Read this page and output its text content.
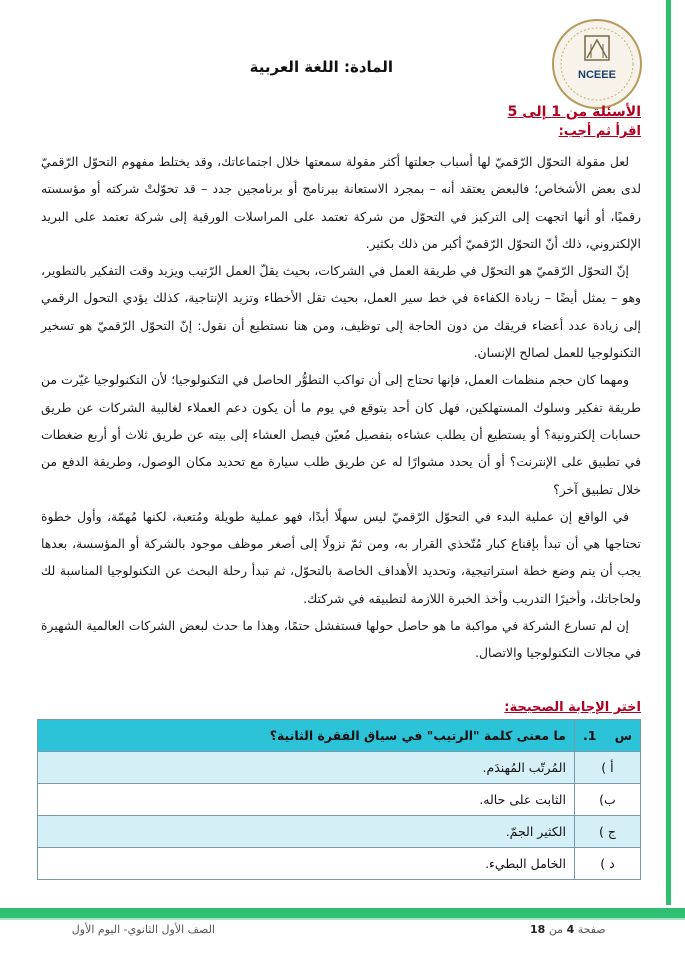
NCEEE
المادة: اللغة العربية
الأسئلة من 1 إلى 5
اقرأ ثم أجب:

لعل مقولة التحوّل الرّقميّ لها أسباب جعلتها أكثر مقولة سمعتها خلال اجتماعاتك، وقد يختلط مفهوم التحوّل الرّقميّ لدى بعض الأشخاص؛ فالبعض يعتقد أنه – بمجرد الاستعانة ببرنامج أو برنامجين جدد – قد تحوّلتْ شركته أو مؤسسته رقميًا، أو أنها اتجهت إلى التركيز في التحوّل من شركة تعتمد على المراسلات الورقية إلى شركة تعتمد على البريد الإلكتروني، ذلك أنّ التحوّل الرّقميّ أكبر من ذلك بكثير.

إنّ التحوّل الرّقميّ هو التحوّل في طريقة العمل في الشركات، بحيث يقلّ العمل الرّتيب ويزيد وقت التفكير بالتطوير، وهو – يمثل أيضًا – زيادة الكفاءة في خط سير العمل، بحيث تقل الأخطاء وتزيد الإنتاجية، كذلك يؤدي التحول الرقمي إلى زيادة عدد أعضاء فريقك من دون الحاجة إلى توظيف، ومن هنا نستطيع أن نقول: إنّ التحوّل الرّقميّ هو تسخير التكنولوجيا للعمل لصالح الإنسان.

ومهما كان حجم منظمات العمل، فإنها تحتاج إلى أن تواكب التطوُّر الحاصل في التكنولوجيا؛ لأن التكنولوجيا غيّرت من طريقة تفكير وسلوك المستهلكين، فهل كان أحد يتوقع في يوم ما أن يكون دعم العملاء لغالبية الشركات عن طريق حسابات إلكترونية؟ أو يستطيع أن يطلب عشاءه بتفصيل مُعيّن فيصل العشاء إلى بيته عن طريق ثلاث أو أربع ضغطات في تطبيق على الإنترنت؟ أو أن يحدد مشوارًا له عن طريق طلب سيارة مع تحديد مكان الوصول، وطريقة الدفع من خلال تطبيق آخر؟

في الواقع إن عملية البدء في التحوّل الرّقميّ ليس سهلًا أبدًا، فهو عملية طويلة ومُتعبة، لكنها مُهمّة، وأول خطوة تحتاجها هي أن تبدأ بإقناع كبار مُتّخذي القرار به، ومن ثمّ نزولًا إلى أصغر موظف موجود بالشركة أو المؤسسة، بعدها يجب أن يتم وضع خطة استراتيجية، وتحديد الأهداف الخاصة بالتحوّل، ثم تبدأ رحلة البحث عن التكنولوجيا المناسبة لك ولحاجاتك، وأخيرًا التدريب وأخذ الخبرة اللازمة لتطبيقه في شركتك.

إن لم تسارع الشركة في مواكبة ما هو حاصل حولها فستفشل حتمًا، وهذا ما حدث لبعض الشركات العالمية الشهيرة في مجالات التكنولوجيا والاتصال.

اختر الإجابة الصحيحة:
س 1.	ما معنى كلمة "الرتيب" في سياق الفقرة الثانية؟
أ )	المُرتّب المُهندَم.
ب)	الثابت على حاله.
ج )	الكثير الجمّ.
د )	الخامل البطيء.
صفحة 4 من 18
الصف الأول الثانوي- اليوم الأول
